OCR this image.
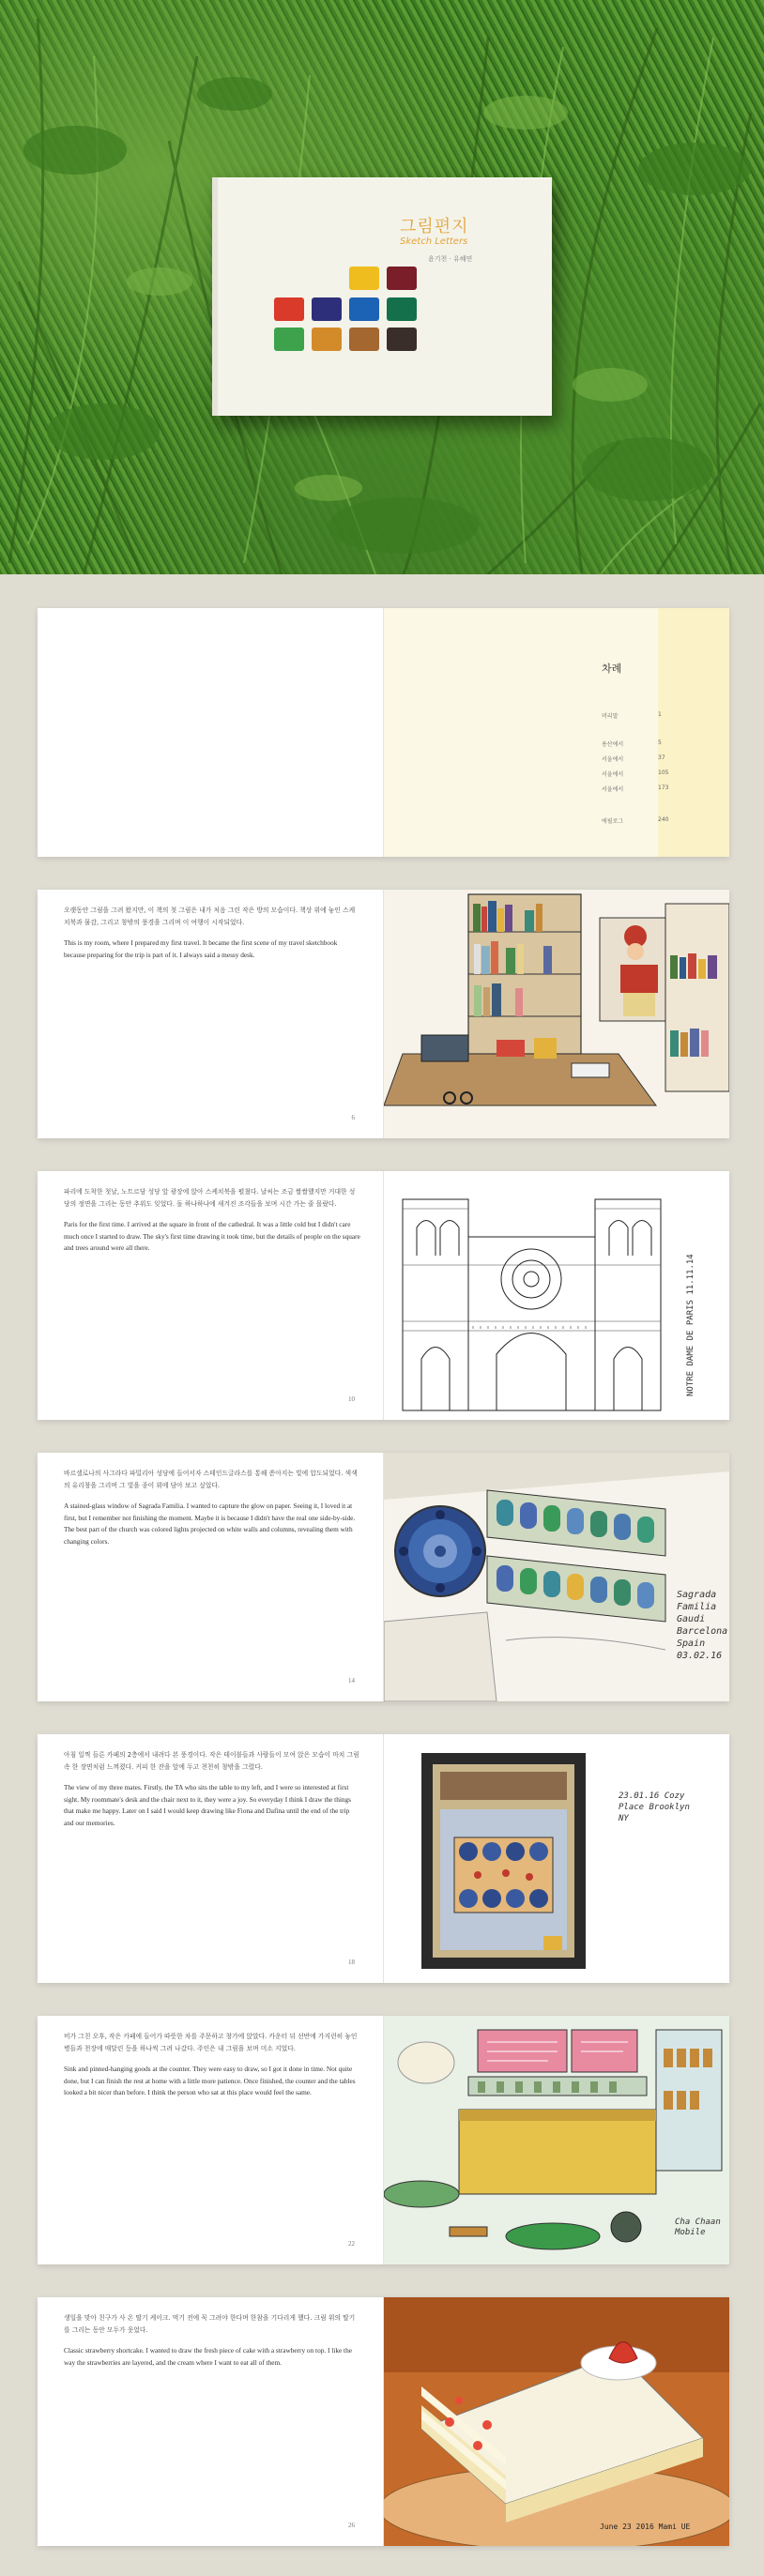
그림편지
Sketch Letters
윤기천 · 유혜연
차례
머리말	1
용산에서	5
서울에서	37
서울에서	105
서울에서	173
에필로그	240

오랫동안 그림을 그려 왔지만, 이 책의 첫 그림은 내가 처음 그린 작은 방의 모습이다. 책상 위에 놓인 스케치북과 물감, 그리고 창밖의 풍경을 그리며 이 여행이 시작되었다.

This is my room, where I prepared my first travel. It became the first scene of my travel sketchbook because preparing for the trip is part of it. I always said a messy desk.

6

파리에 도착한 첫날, 노트르담 성당 앞 광장에 앉아 스케치북을 펼쳤다. 날씨는 조금 쌀쌀했지만 거대한 성당의 정면을 그리는 동안 추위도 잊었다. 돌 하나하나에 새겨진 조각들을 보며 시간 가는 줄 몰랐다.

Paris for the first time. I arrived at the square in front of the cathedral. It was a little cold but I didn't care much once I started to draw. The sky's first time drawing it took time, but the details of people on the square and trees around were all there.

10
NOTRE DAME DE PARIS 11.11.14

바르셀로나의 사그라다 파밀리아 성당에 들어서자 스테인드글라스를 통해 쏟아지는 빛에 압도되었다. 색색의 유리창을 그리며 그 빛을 종이 위에 담아 보고 싶었다.

A stained-glass window of Sagrada Familia. I wanted to capture the glow on paper. Seeing it, I loved it at first, but I remember not finishing the moment. Maybe it is because I didn't have the real one side-by-side. The best part of the church was colored lights projected on white walls and columns, revealing them with changing colors.

14
Sagrada Familia Gaudi Barcelona Spain 03.02.16

아침 일찍 들른 카페의 2층에서 내려다 본 풍경이다. 작은 테이블들과 사람들이 모여 앉은 모습이 마치 그림 속 한 장면처럼 느껴졌다. 커피 한 잔을 앞에 두고 천천히 창밖을 그렸다.

The view of my three mates. Firstly, the TA who sits the table to my left, and I were so interested at first sight. My roommate's desk and the chair next to it, they were a joy. So everyday I think I draw the things that make me happy. Later on I said I would keep drawing like Fiona and Dafina until the end of the trip and our memories.

18
23.01.16 Cozy Place Brooklyn NY

비가 그친 오후, 작은 카페에 들어가 따뜻한 차를 주문하고 창가에 앉았다. 카운터 뒤 선반에 가지런히 놓인 병들과 천장에 매달린 등을 하나씩 그려 나갔다. 주인은 내 그림을 보며 미소 지었다.

Sink and pinned-hanging goods at the counter. They were easy to draw, so I got it done in time. Not quite done, but I can finish the rest at home with a little more patience. Once finished, the counter and the tables looked a bit nicer than before. I think the person who sat at this place would feel the same.

22
Cha Chaan Mobile

생일을 맞아 친구가 사 온 딸기 케이크. 먹기 전에 꼭 그려야 한다며 한참을 기다리게 했다. 크림 위의 딸기를 그리는 동안 모두가 웃었다.

Classic strawberry shortcake. I wanted to draw the fresh piece of cake with a strawberry on top. I like the way the strawberries are layered, and the cream where I want to eat all of them.

26	June 23 2016 Mami UE
